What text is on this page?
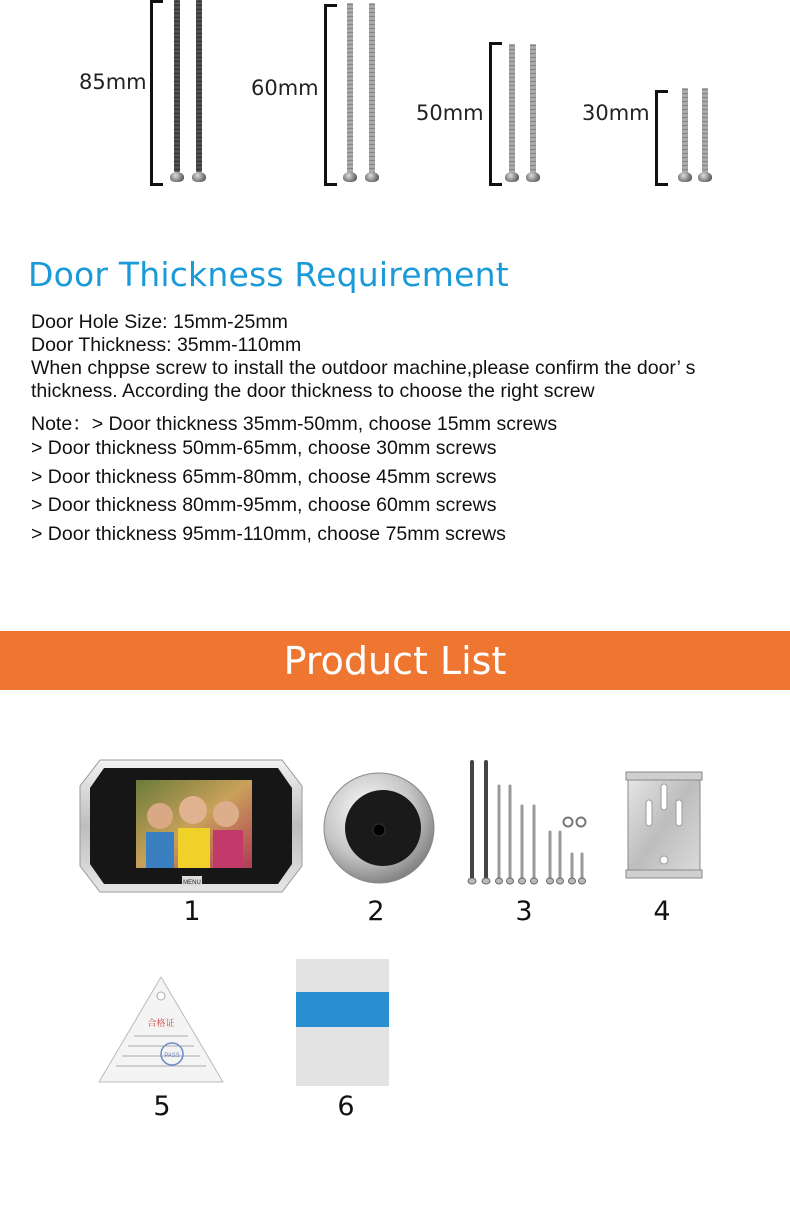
85mm	60mm
50mm	30mm
Door Thickness Requirement
Door Hole Size: 15mm-25mm
Door Thickness: 35mm-110mm
When chppse screw to install the outdoor machine,please confirm the door’ s
thickness. According the door thickness to choose the right screw
Note：> Door thickness 35mm-50mm, choose 15mm screws
> Door thickness 50mm-65mm, choose 30mm screws
> Door thickness 65mm-80mm, choose 45mm screws
> Door thickness 80mm-95mm, choose 60mm screws
> Door thickness 95mm-110mm, choose 75mm screws
Product List
MENU
1	2	3	4
合格证
PASS
5	6
